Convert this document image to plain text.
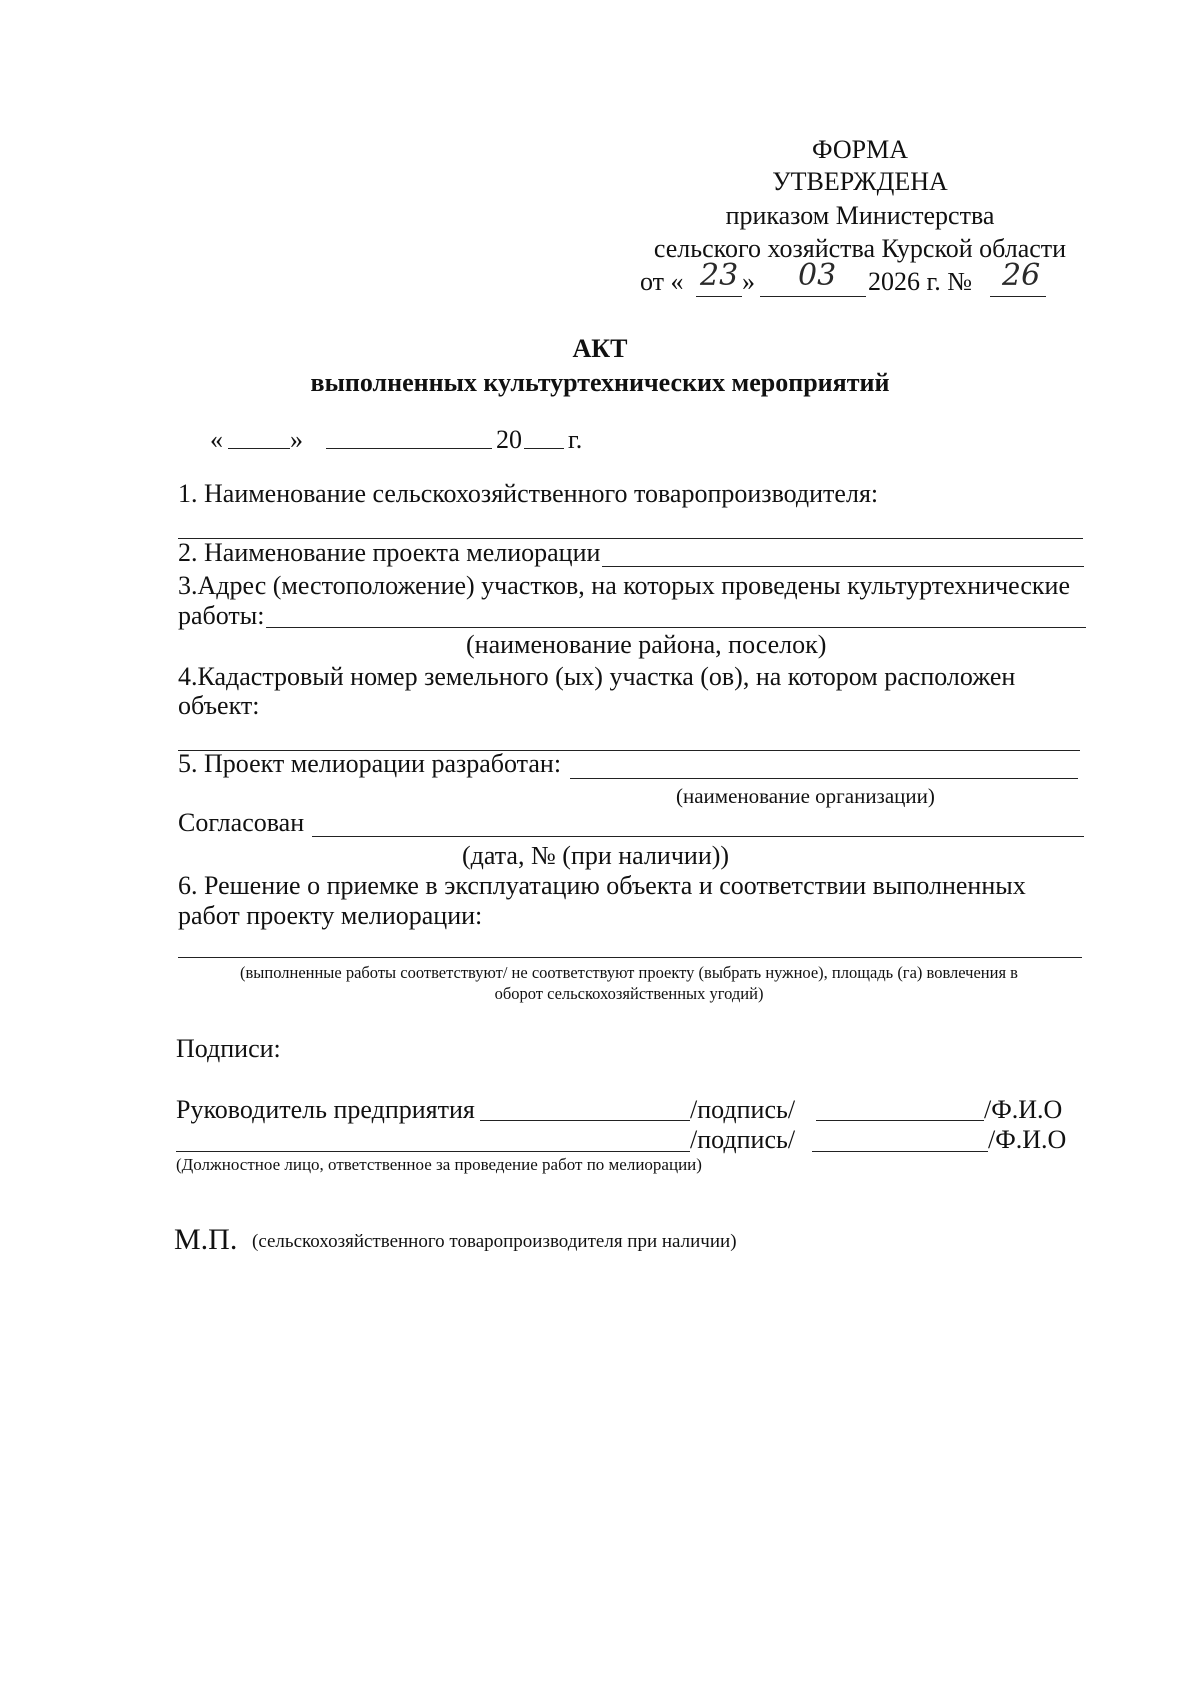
ФОРМА
УТВЕРЖДЕНА
приказом Министерства
сельского хозяйства Курской области
от « 23 » 03 2026 г. № 26
АКТ
выполненных культуртехнических мероприятий
«	»	20 г.
1. Наименование сельскохозяйственного товаропроизводителя:
2. Наименование проекта мелиорации
3.Адрес (местоположение) участков, на которых проведены культуртехнические
работы:
(наименование района, поселок)
4.Кадастровый номер земельного (ых) участка (ов), на котором расположен
объект:
5. Проект мелиорации разработан:
(наименование организации)
Согласован
(дата, № (при наличии))
6. Решение о приемке в эксплуатацию объекта и соответствии выполненных
работ проекту мелиорации:
(выполненные работы соответствуют/ не соответствуют проекту (выбрать нужное), площадь (га) вовлечения в
оборот сельскохозяйственных угодий)
Подписи:
Руководитель предприятия	/подпись/	/Ф.И.О
/подпись/	/Ф.И.О
(Должностное лицо, ответственное за проведение работ по мелиорации)
М.П. (сельскохозяйственного товаропроизводителя при наличии)
